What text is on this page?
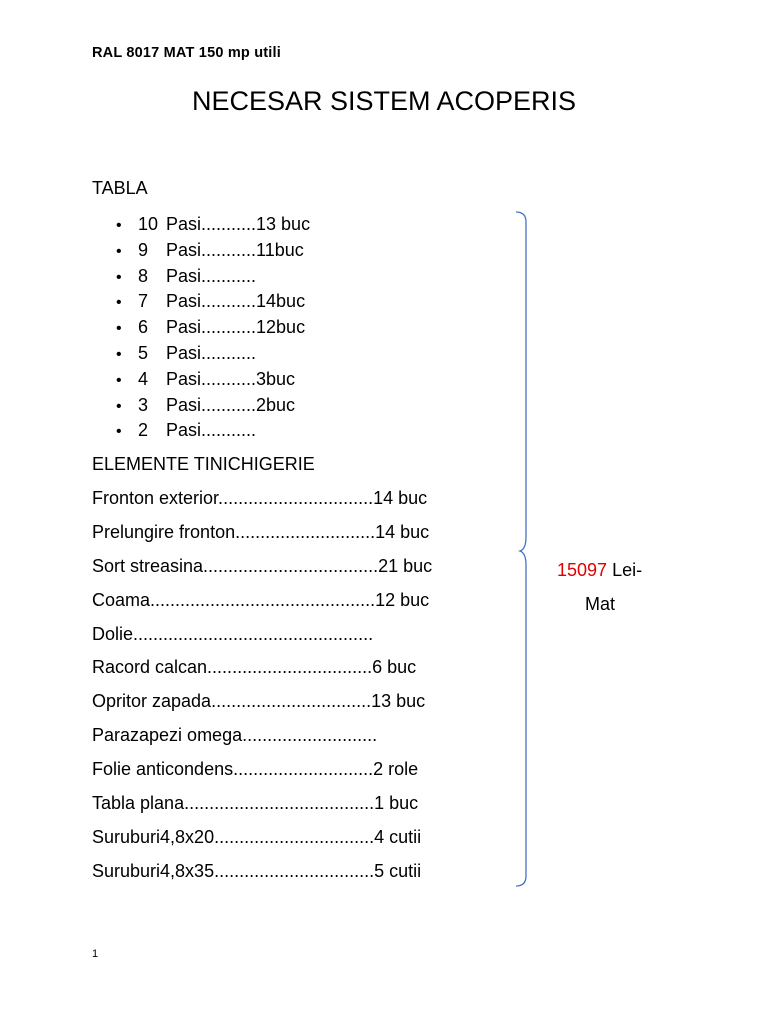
RAL 8017 MAT 150 mp utili
NECESAR SISTEM ACOPERIS
TABLA
• 10 Pasi...........13 buc
• 9 Pasi...........11buc
• 8 Pasi...........
• 7 Pasi...........14buc
• 6 Pasi...........12buc
• 5 Pasi...........
• 4 Pasi...........3buc
• 3 Pasi...........2buc
• 2 Pasi...........
ELEMENTE TINICHIGERIE
Fronton exterior...............................14 buc
Prelungire fronton............................14 buc
Sort streasina...................................21 buc
Coama.............................................12 buc
Dolie................................................
Racord calcan.................................6 buc
Opritor zapada................................13 buc
Parazapezi omega...........................
Folie anticondens............................2 role
Tabla plana......................................1 buc
Suruburi4,8x20................................4 cutii
Suruburi4,8x35................................5 cutii
15097 Lei-
Mat
1
